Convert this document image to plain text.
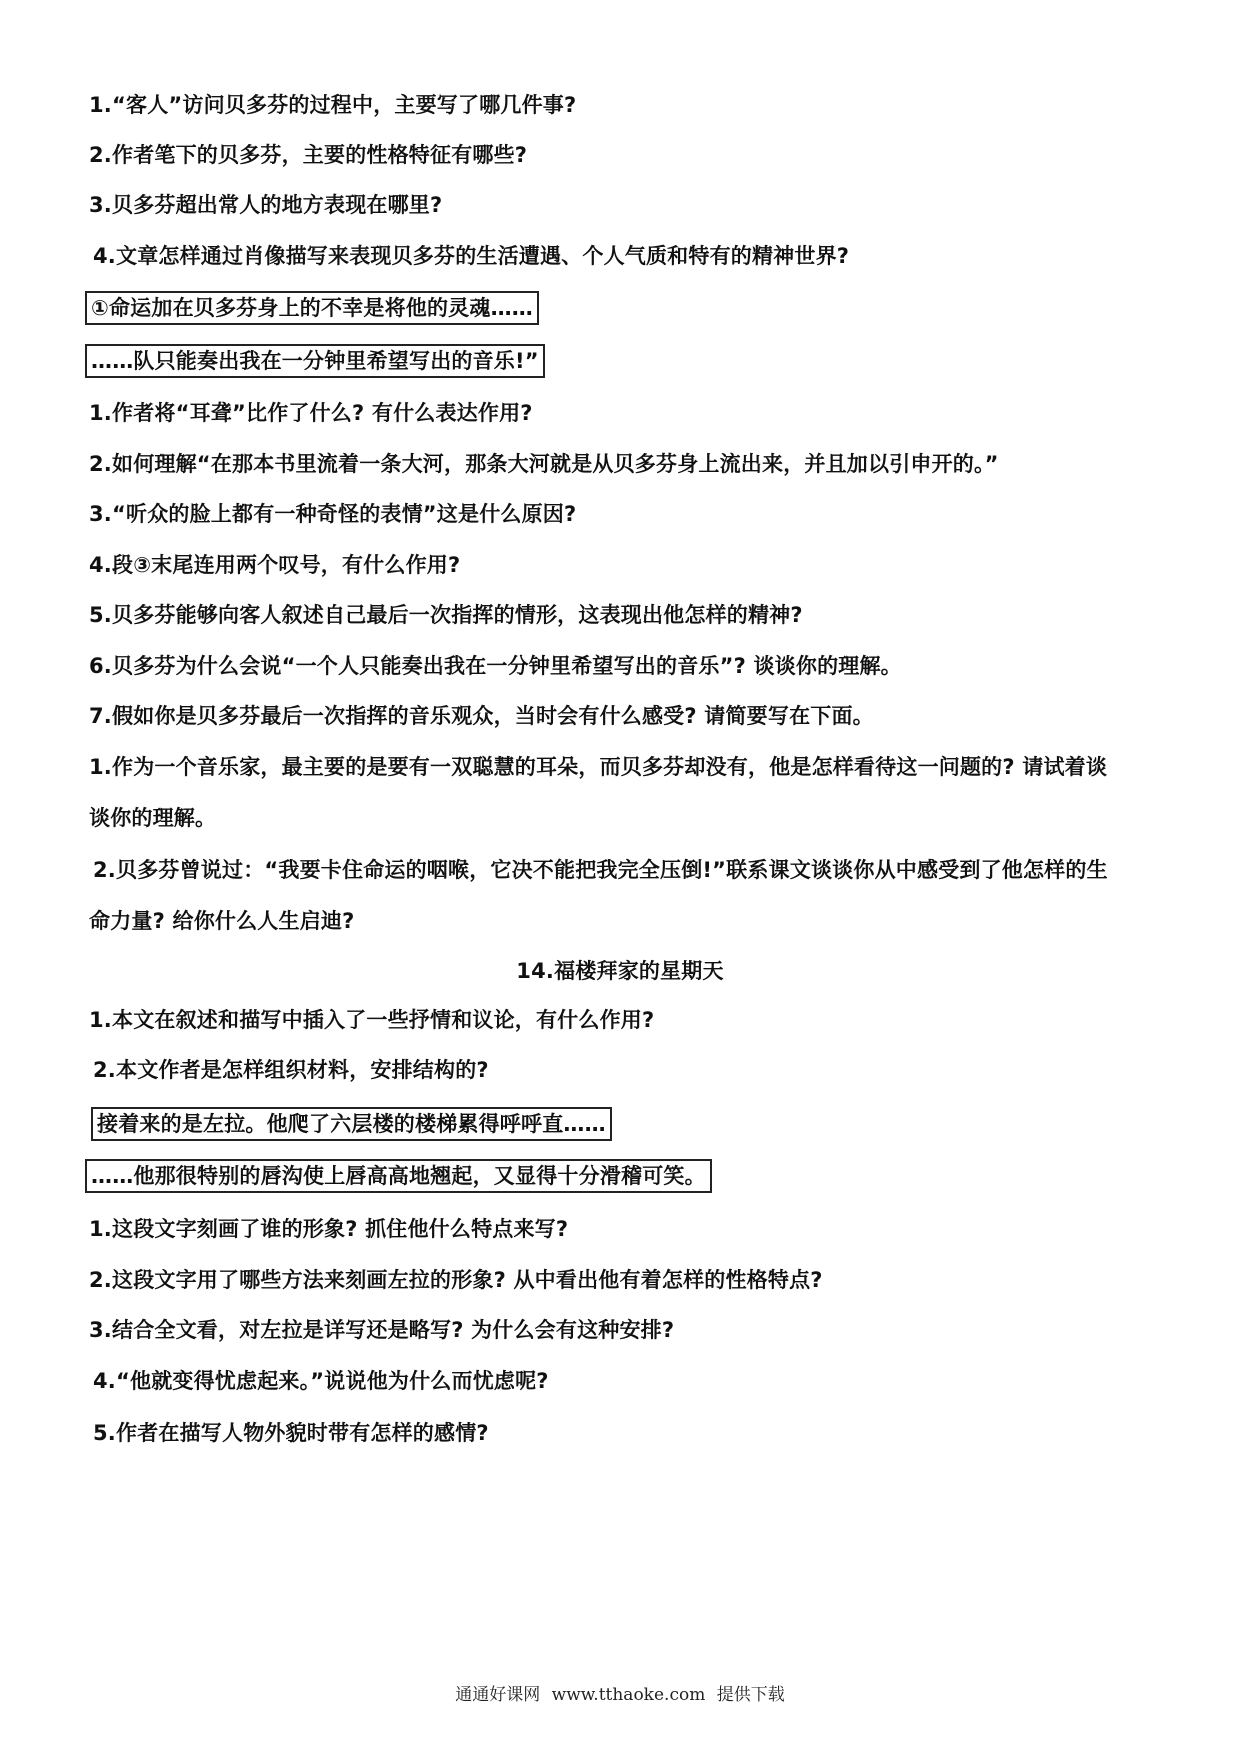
1.“客人”访问贝多芬的过程中，主要写了哪几件事?
2.作者笔下的贝多芬，主要的性格特征有哪些?
3.贝多芬超出常人的地方表现在哪里?
4.文章怎样通过肖像描写来表现贝多芬的生活遭遇、个人气质和特有的精神世界?
①命运加在贝多芬身上的不幸是将他的灵魂……
……队只能奏出我在一分钟里希望写出的音乐!”
1.作者将“耳聋”比作了什么? 有什么表达作用?
2.如何理解“在那本书里流着一条大河，那条大河就是从贝多芬身上流出来，并且加以引申开的。”
3.“听众的脸上都有一种奇怪的表情”这是什么原因?
4.段③末尾连用两个叹号，有什么作用?
5.贝多芬能够向客人叙述自己最后一次指挥的情形，这表现出他怎样的精神?
6.贝多芬为什么会说“一个人只能奏出我在一分钟里希望写出的音乐”? 谈谈你的理解。
7.假如你是贝多芬最后一次指挥的音乐观众，当时会有什么感受? 请简要写在下面。
1.作为一个音乐家，最主要的是要有一双聪慧的耳朵，而贝多芬却没有，他是怎样看待这一问题的? 请试着谈
谈你的理解。
2.贝多芬曾说过：“我要卡住命运的咽喉，它决不能把我完全压倒!”联系课文谈谈你从中感受到了他怎样的生
命力量? 给你什么人生启迪?
14.福楼拜家的星期天
1.本文在叙述和描写中插入了一些抒情和议论，有什么作用?
2.本文作者是怎样组织材料，安排结构的?
接着来的是左拉。他爬了六层楼的楼梯累得呼呼直……
……他那很特别的唇沟使上唇高高地翘起，又显得十分滑稽可笑。
1.这段文字刻画了谁的形象? 抓住他什么特点来写?
2.这段文字用了哪些方法来刻画左拉的形象? 从中看出他有着怎样的性格特点?
3.结合全文看，对左拉是详写还是略写? 为什么会有这种安排?
4.“他就变得忧虑起来。”说说他为什么而忧虑呢?
5.作者在描写人物外貌时带有怎样的感情?
通通好课网 www.tthaoke.com 提供下载
